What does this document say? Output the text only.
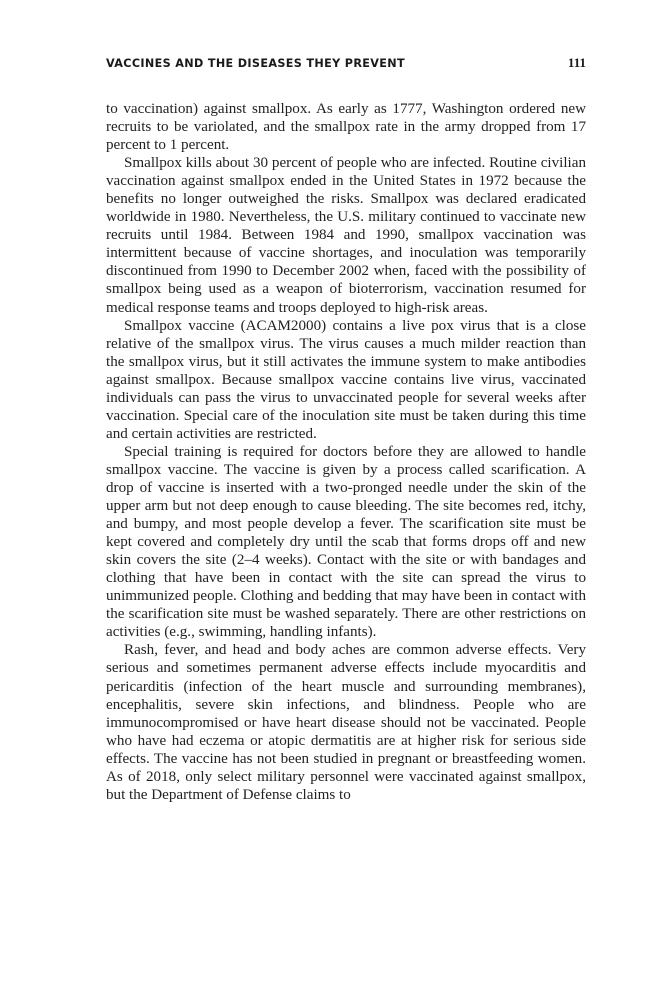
VACCINES AND THE DISEASES THEY PREVENT	111

to vaccination) against smallpox. As early as 1777, Washington ordered new recruits to be variolated, and the smallpox rate in the army dropped from 17 percent to 1 percent.

Smallpox kills about 30 percent of people who are infected. Routine civilian vaccination against smallpox ended in the United States in 1972 because the benefits no longer outweighed the risks. Smallpox was declared eradicated worldwide in 1980. Nevertheless, the U.S. military continued to vaccinate new recruits until 1984. Between 1984 and 1990, smallpox vaccination was intermittent because of vaccine shortages, and inoculation was temporarily discontinued from 1990 to December 2002 when, faced with the possibility of smallpox being used as a weapon of bioterrorism, vaccination resumed for medical response teams and troops deployed to high-risk areas.

Smallpox vaccine (ACAM2000) contains a live pox virus that is a close relative of the smallpox virus. The virus causes a much milder reaction than the smallpox virus, but it still activates the immune system to make antibodies against smallpox. Because smallpox vaccine contains live virus, vaccinated individuals can pass the virus to unvaccinated people for several weeks after vaccination. Special care of the inoculation site must be taken during this time and certain activities are restricted.

Special training is required for doctors before they are allowed to handle smallpox vaccine. The vaccine is given by a process called scarification. A drop of vaccine is inserted with a two-pronged needle under the skin of the upper arm but not deep enough to cause bleeding. The site becomes red, itchy, and bumpy, and most people develop a fever. The scarification site must be kept covered and completely dry until the scab that forms drops off and new skin covers the site (2–4 weeks). Contact with the site or with bandages and clothing that have been in contact with the site can spread the virus to unimmunized people. Clothing and bedding that may have been in contact with the scarification site must be washed separately. There are other restrictions on activities (e.g., swimming, handling infants).

Rash, fever, and head and body aches are common adverse effects. Very serious and sometimes permanent adverse effects include myocarditis and pericarditis (infection of the heart muscle and surrounding membranes), encephalitis, severe skin infections, and blindness. People who are immunocompromised or have heart disease should not be vaccinated. People who have had eczema or atopic dermatitis are at higher risk for serious side effects. The vaccine has not been studied in pregnant or breastfeeding women. As of 2018, only select military personnel were vaccinated against smallpox, but the Department of Defense claims to
